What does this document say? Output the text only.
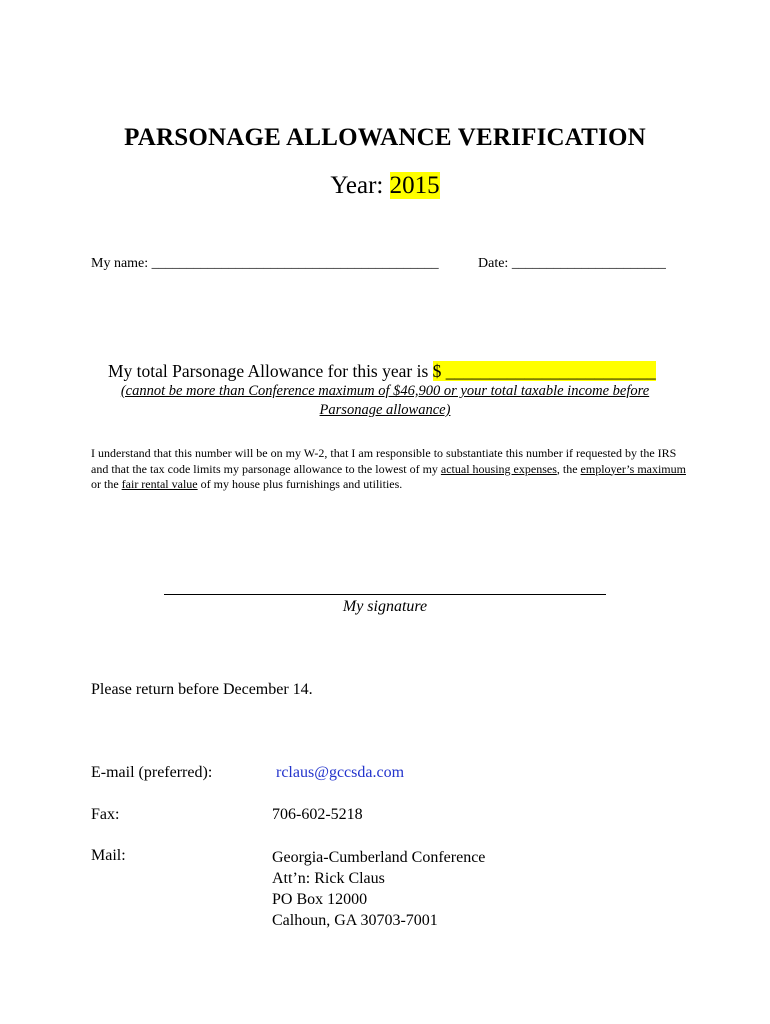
PARSONAGE ALLOWANCE VERIFICATION
Year: 2015
My name: _________________________________________	Date: ______________________
My total Parsonage Allowance for this year is $ ________________________
(cannot be more than Conference maximum of $46,900 or your total taxable income before
Parsonage allowance)
I understand that this number will be on my W-2, that I am responsible to substantiate this number if requested by the IRS and that the tax code limits my parsonage allowance to the lowest of my actual housing expenses, the employer’s maximum or the fair rental value of my house plus furnishings and utilities.
My signature
Please return before December 14.
E-mail (preferred):	rclaus@gccsda.com
Fax:	706-602-5218
Mail:	Georgia-Cumberland Conference
Att’n: Rick Claus
PO Box 12000
Calhoun, GA 30703-7001
